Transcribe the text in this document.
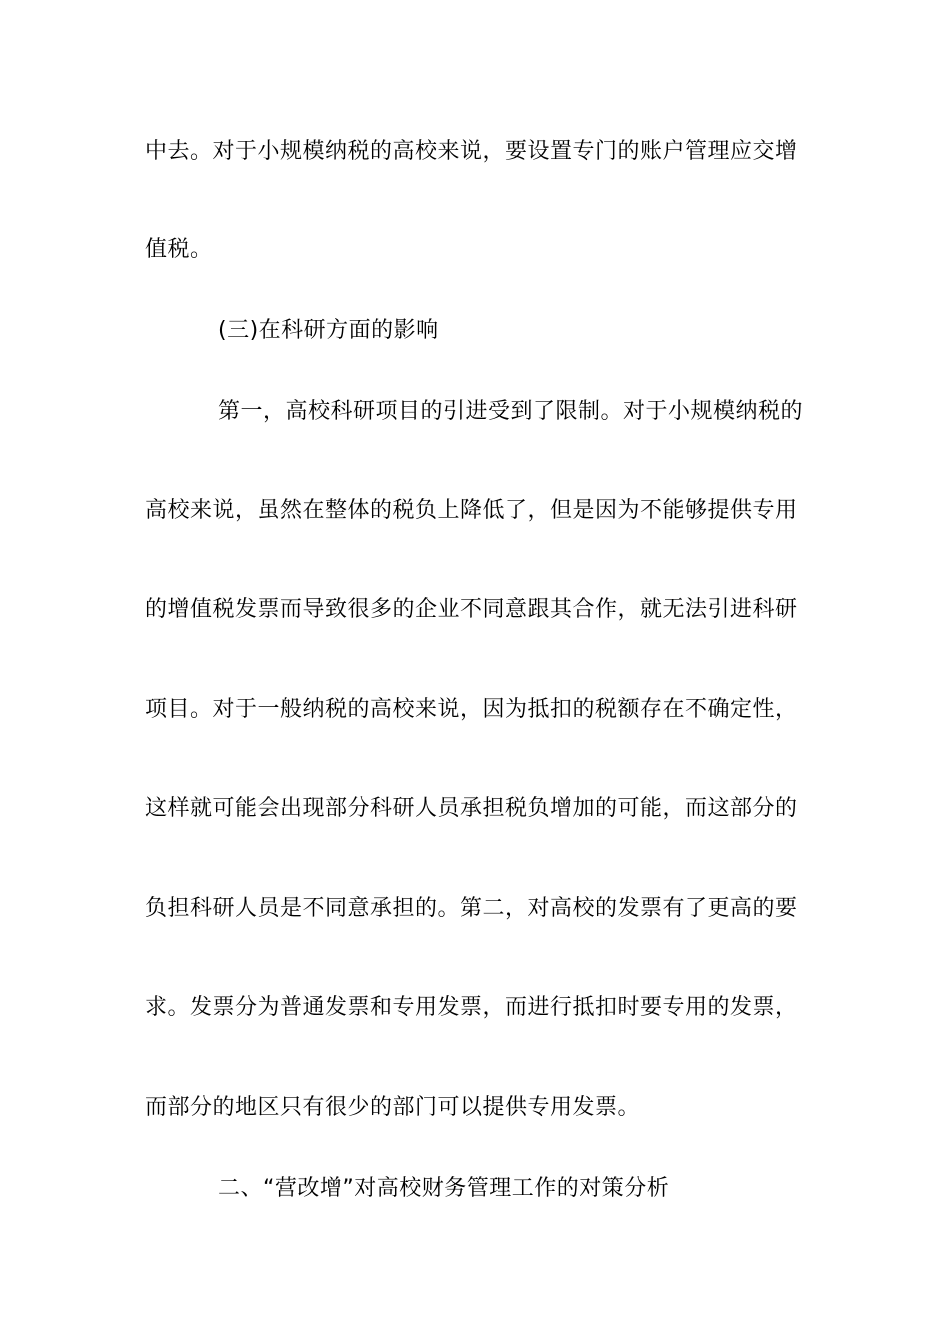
中去。对于小规模纳税的高校来说，要设置专门的账户管理应交增
值税。
(三)在科研方面的影响
第一，高校科研项目的引进受到了限制。对于小规模纳税的
高校来说，虽然在整体的税负上降低了，但是因为不能够提供专用
的增值税发票而导致很多的企业不同意跟其合作，就无法引进科研
项目。对于一般纳税的高校来说，因为抵扣的税额存在不确定性，
这样就可能会出现部分科研人员承担税负增加的可能，而这部分的
负担科研人员是不同意承担的。第二，对高校的发票有了更高的要
求。发票分为普通发票和专用发票，而进行抵扣时要专用的发票，
而部分的地区只有很少的部门可以提供专用发票。
二、“营改增”对高校财务管理工作的对策分析
